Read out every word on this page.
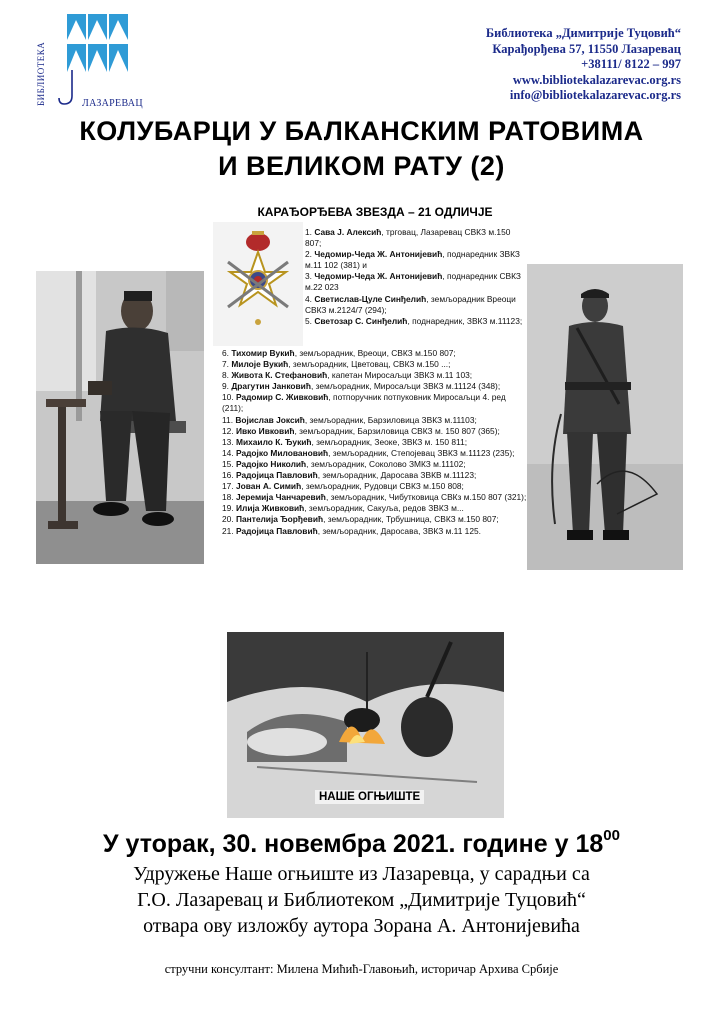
БИБЛИОТЕКА	ЛАЗАРЕВАЦ
Библиотека „Димитрије Туцовић“
Карађорђева 57, 11550 Лазаревац
+38111/ 8122 – 997
www.bibliotekalazarevac.org.rs
info@bibliotekalazarevac.org.rs
КОЛУБАРЦИ У БАЛКАНСКИМ РАТОВИМА
И ВЕЛИКОМ РАТУ (2)
КАРАЂОРЂЕВА ЗВЕЗДА – 21 ОДЛИЧЈЕ
1. Сава Ј. Алексић, трговац, Лазаревац СВКЗ м.150 807;
2. Чедомир-Чеда Ж. Антонијевић, поднаредник ЗВКЗ м.11 102 (381) и
3. Чедомир-Чеда Ж. Антонијевић, поднаредник СВКЗ м.22 023
4. Светислав-Цуле Синђелић, земљорадник Вреоци СВКЗ м.2124/7 (294);
5. Светозар С. Синђелић, поднаредник, ЗВКЗ м.11123;
6. Тихомир Вукић, земљорадник, Вреоци, СВКЗ м.150 807;
7. Милоје Вукић, земљорадник, Цветовац, СВКЗ м.150 ...;
8. Живота К. Стефановић, капетан Миросаљци ЗВКЗ м.11 103;
9. Драгутин Јанковић, земљорадник, Миросаљци ЗВКЗ м.11124 (348);
10. Радомир С. Живковић, потпоручник потпуковник Миросаљци 4. ред (211);
11. Војислав Јоксић, земљорадник, Барзиловица ЗВКЗ м.11103;
12. Ивко Ивковић, земљорадник, Барзиловица СВКЗ м. 150 807 (365);
13. Михаило К. Ђукић, земљорадник, Зеоке, ЗВКЗ м. 150 811;
14. Радојко Миловановић, земљорадник, Степојевац ЗВКЗ м.11123 (235);
15. Радојко Николић, земљорадник, Соколово ЗМКЗ м.11102;
16. Радојица Павловић, земљорадник, Даросава ЗВКВ м.11123;
17. Јован А. Симић, земљорадник, Рудовци СВКЗ м.150 808;
18. Јеремија Чанчаревић, земљорадник, Чибутковица СВКз м.150 807 (321);
19. Илија Живковић, земљорадник, Сакуља, редов ЗВКЗ м...
20. Пантелија Ђорђевић, земљорадник, Трбушница, СВКЗ м.150 807;
21. Радојица Павловић, земљорадник, Даросава, ЗВКЗ м.11 125.
НАШЕ ОГЊИШТЕ
У уторак, 30. новембра 2021. године у $18^{00}$
Удружење Наше огњиште из Лазаревца, у сарадњи са
Г.О. Лазаревац и Библиотеком „Димитрије Туцовић“
отвара ову изложбу аутора Зорана А. Антонијевића
стручни консултант: Милена Мићић-Главоњић, историчар Архива Србије
